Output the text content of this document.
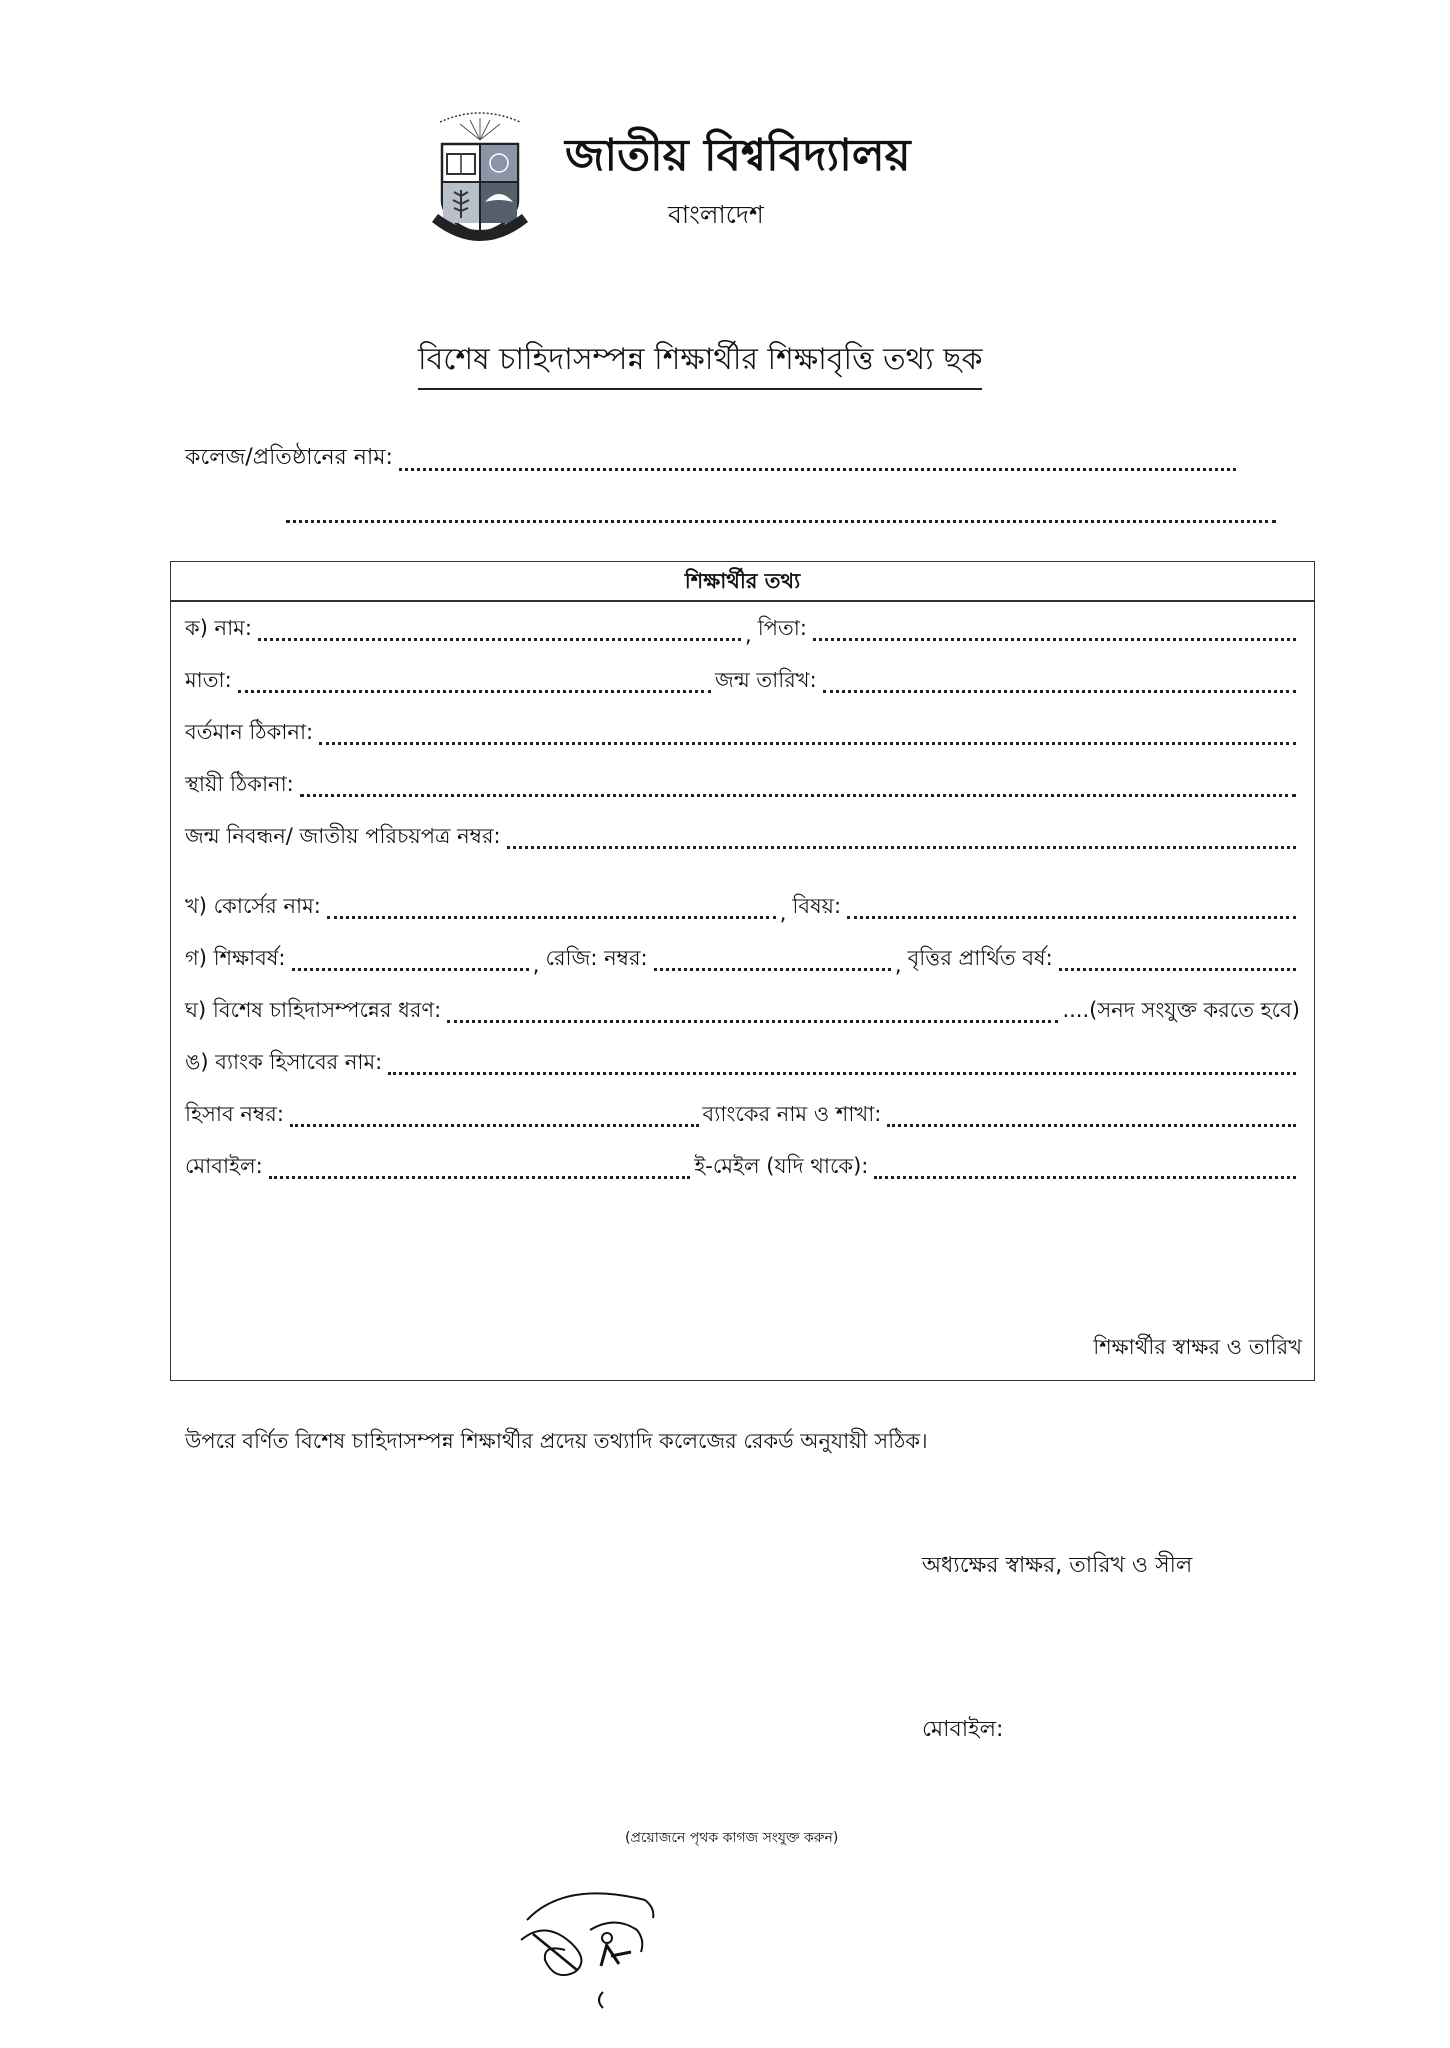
জাতীয় বিশ্ববিদ্যালয়
বাংলাদেশ
বিশেষ চাহিদাসম্পন্ন শিক্ষার্থীর শিক্ষাবৃত্তি তথ্য ছক
কলেজ/প্রতিষ্ঠানের নাম:
শিক্ষার্থীর তথ্য
ক) নাম:	, পিতা:
মাতা:	জন্ম তারিখ:
বর্তমান ঠিকানা:
স্থায়ী ঠিকানা:
জন্ম নিবন্ধন/ জাতীয় পরিচয়পত্র নম্বর:
খ) কোর্সের নাম:	, বিষয়:
গ) শিক্ষাবর্ষ:	, রেজি: নম্বর:	, বৃত্তির প্রার্থিত বর্ষ:
ঘ) বিশেষ চাহিদাসম্পন্নের ধরণ:	....(সনদ সংযুক্ত করতে হবে)
ঙ) ব্যাংক হিসাবের নাম:
হিসাব নম্বর:	ব্যাংকের নাম ও শাখা:
মোবাইল:	ই-মেইল (যদি থাকে):
শিক্ষার্থীর স্বাক্ষর ও তারিখ
উপরে বর্ণিত বিশেষ চাহিদাসম্পন্ন শিক্ষার্থীর প্রদেয় তথ্যাদি কলেজের রেকর্ড অনুযায়ী সঠিক।
অধ্যক্ষের স্বাক্ষর, তারিখ ও সীল
মোবাইল:
(প্রয়োজনে পৃথক কাগজ সংযুক্ত করুন)
